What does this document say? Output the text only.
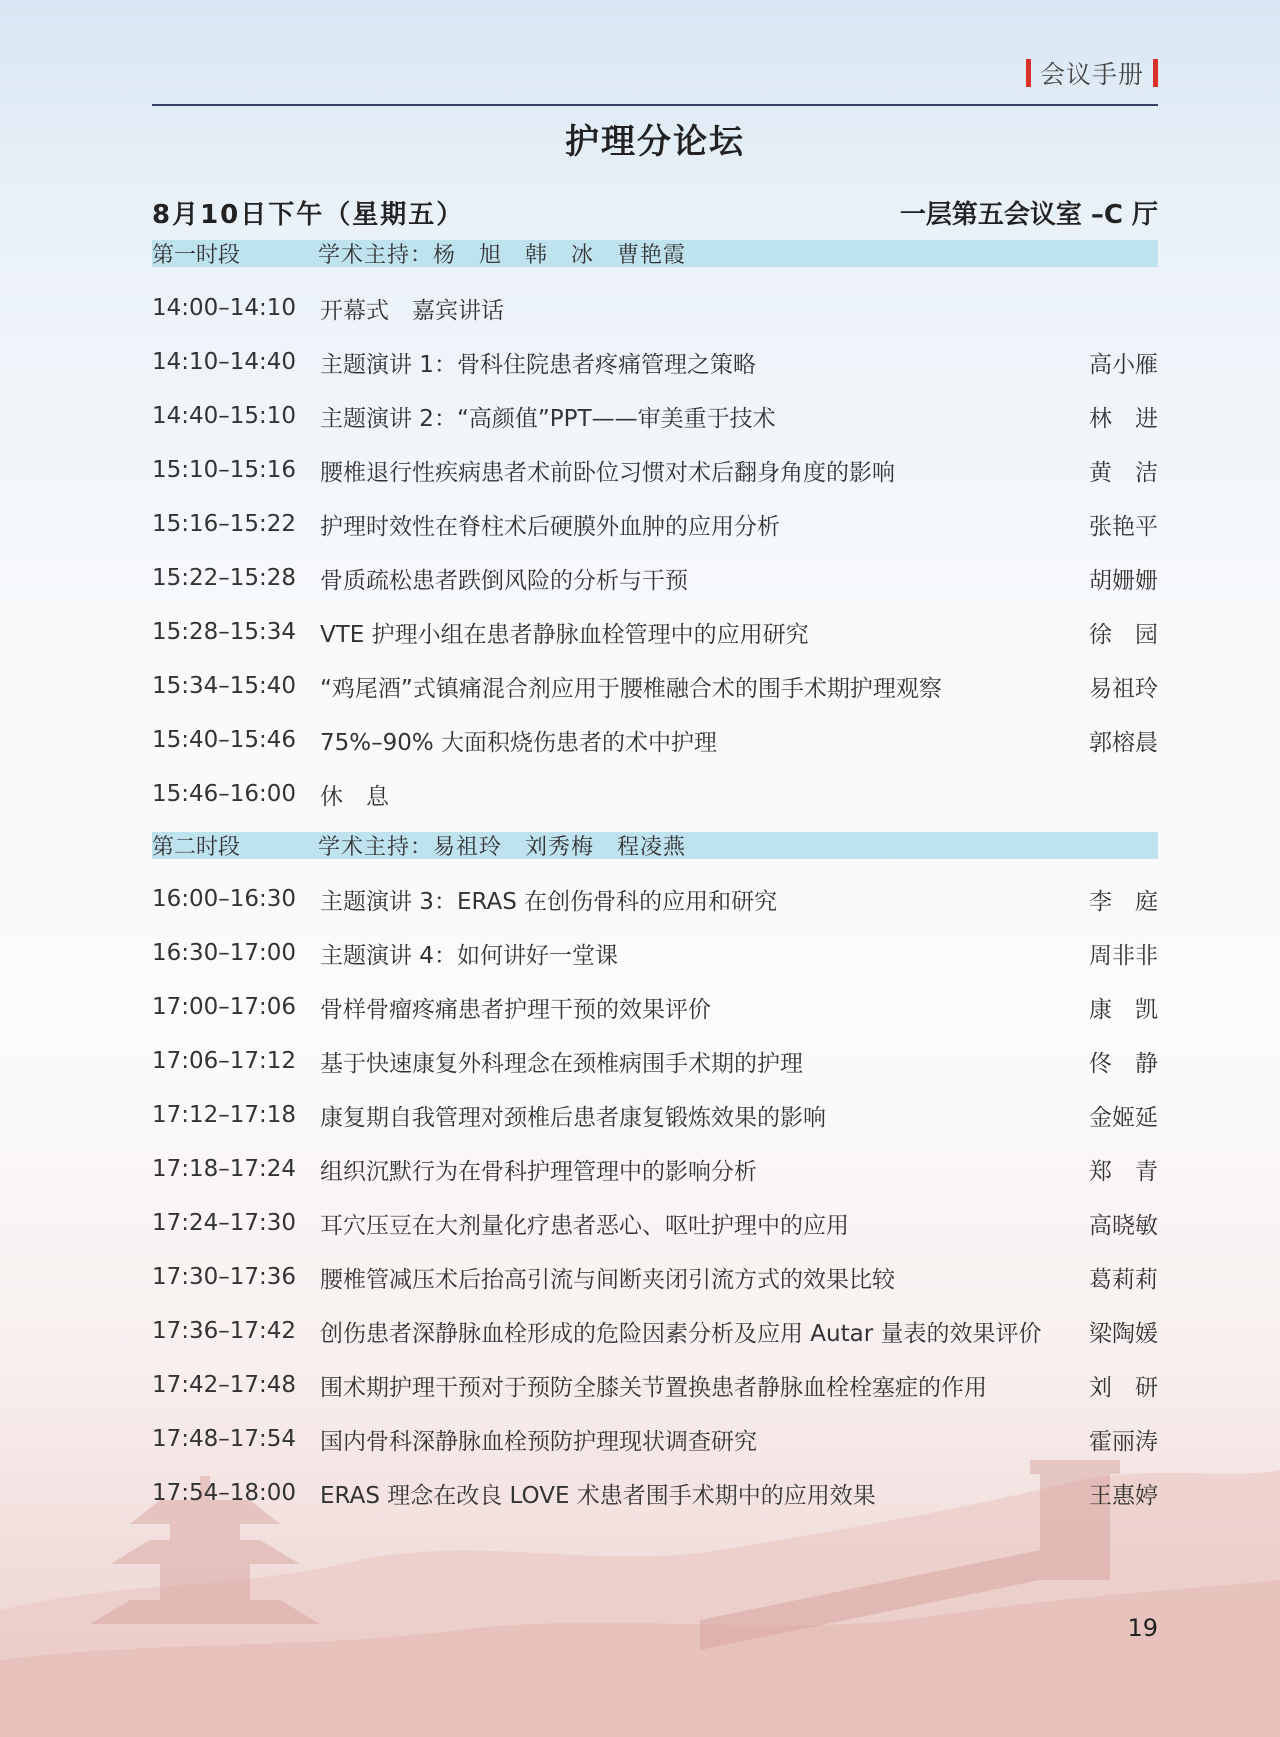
会议手册
护理分论坛
8月10日下午（星期五）	一层第五会议室 –C 厅
第一时段	学术主持：杨　旭　韩　冰　曹艳霞
14:00–14:10	开幕式　嘉宾讲话
14:10–14:40	主题演讲 1：骨科住院患者疼痛管理之策略	高小雁
14:40–15:10	主题演讲 2：“高颜值”PPT——审美重于技术	林　进
15:10–15:16	腰椎退行性疾病患者术前卧位习惯对术后翻身角度的影响	黄　洁
15:16–15:22	护理时效性在脊柱术后硬膜外血肿的应用分析	张艳平
15:22–15:28	骨质疏松患者跌倒风险的分析与干预	胡姗姗
15:28–15:34	VTE 护理小组在患者静脉血栓管理中的应用研究	徐　园
15:34–15:40	“鸡尾酒”式镇痛混合剂应用于腰椎融合术的围手术期护理观察	易祖玲
15:40–15:46	75%–90% 大面积烧伤患者的术中护理	郭榕晨
15:46–16:00	休　息
第二时段	学术主持：易祖玲　刘秀梅　程凌燕
16:00–16:30	主题演讲 3：ERAS 在创伤骨科的应用和研究	李　庭
16:30–17:00	主题演讲 4：如何讲好一堂课	周非非
17:00–17:06	骨样骨瘤疼痛患者护理干预的效果评价	康　凯
17:06–17:12	基于快速康复外科理念在颈椎病围手术期的护理	佟　静
17:12–17:18	康复期自我管理对颈椎后患者康复锻炼效果的影响	金姬延
17:18–17:24	组织沉默行为在骨科护理管理中的影响分析	郑　青
17:24–17:30	耳穴压豆在大剂量化疗患者恶心、呕吐护理中的应用	高晓敏
17:30–17:36	腰椎管减压术后抬高引流与间断夹闭引流方式的效果比较	葛莉莉
17:36–17:42	创伤患者深静脉血栓形成的危险因素分析及应用 Autar 量表的效果评价	梁陶媛
17:42–17:48	围术期护理干预对于预防全膝关节置换患者静脉血栓栓塞症的作用	刘　研
17:48–17:54	国内骨科深静脉血栓预防护理现状调查研究	霍丽涛
17:54–18:00	ERAS 理念在改良 LOVE 术患者围手术期中的应用效果	王惠婷
19
